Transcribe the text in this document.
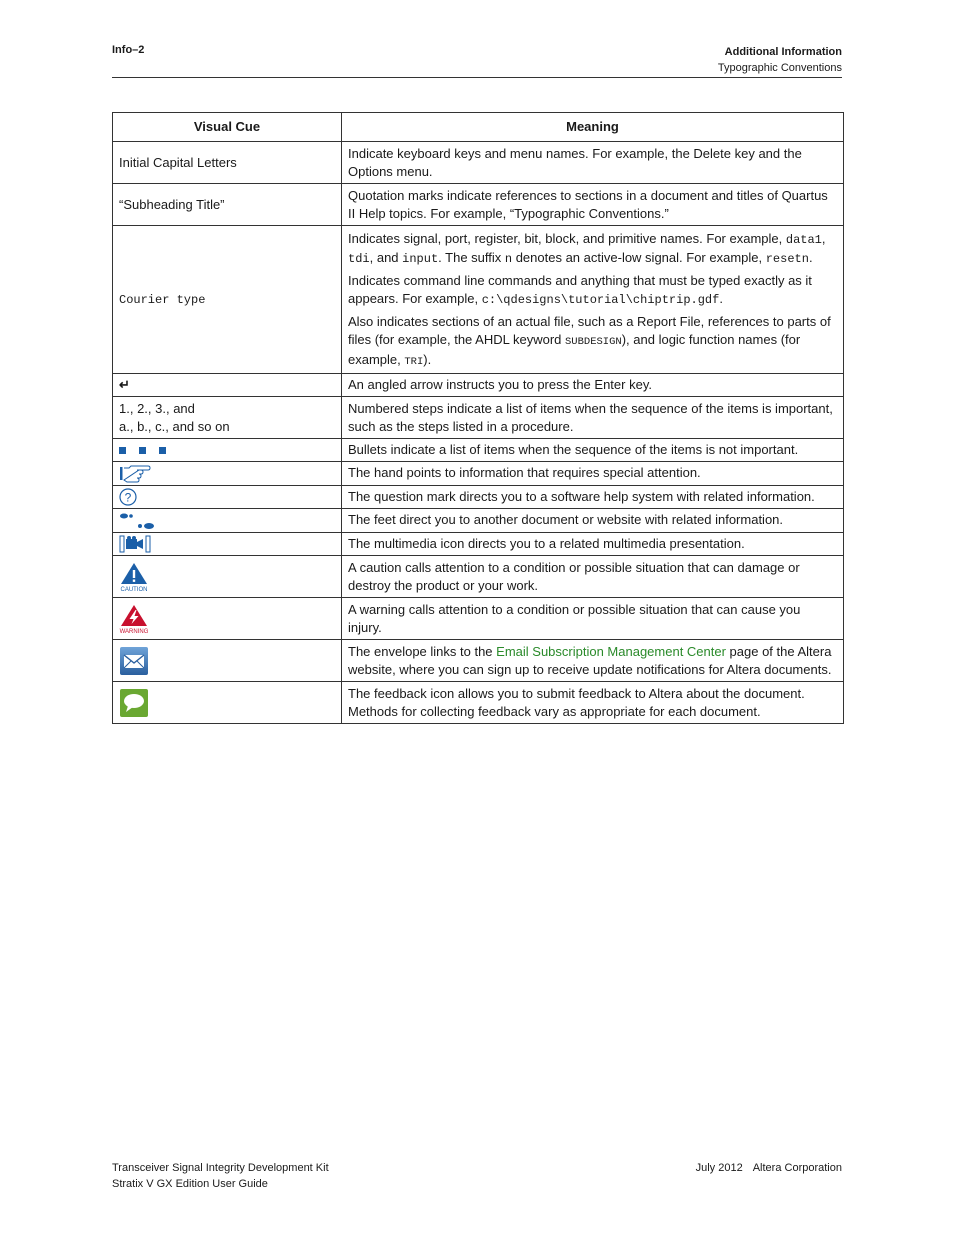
Info–2	Additional Information
Typographic Conventions
Visual Cue	Meaning
Initial Capital Letters	Indicate keyboard keys and menu names. For example, the Delete key and the Options menu.
“Subheading Title”	Quotation marks indicate references to sections in a document and titles of Quartus II Help topics. For example, “Typographic Conventions.”
Courier type	Indicates signal, port, register, bit, block, and primitive names. For example, data1, tdi, and input. The suffix n denotes an active-low signal. For example, resetn.
Indicates command line commands and anything that must be typed exactly as it appears. For example, c:\qdesigns\tutorial\chiptrip.gdf.
Also indicates sections of an actual file, such as a Report File, references to parts of files (for example, the AHDL keyword SUBDESIGN), and logic function names (for example, TRI).

↵	An angled arrow instructs you to press the Enter key.

1., 2., 3., and
a., b., c., and so on	Numbered steps indicate a list of items when the sequence of the items is important, such as the steps listed in a procedure.
	Bullets indicate a list of items when the sequence of the items is not important.
	The hand points to information that requires special attention.

?	The question mark directs you to a software help system with related information.
	The feet direct you to another document or website with related information.
	The multimedia icon directs you to a related multimedia presentation.

CAUTION	A caution calls attention to a condition or possible situation that can damage or destroy the product or your work.

WARNING	A warning calls attention to a condition or possible situation that can cause you injury.
	The envelope links to the Email Subscription Management Center page of the Altera website, where you can sign up to receive update notifications for Altera documents.
	The feedback icon allows you to submit feedback to Altera about the document. Methods for collecting feedback vary as appropriate for each document.
Transceiver Signal Integrity Development Kit
Stratix V GX Edition User Guide
July 2012 Altera Corporation
